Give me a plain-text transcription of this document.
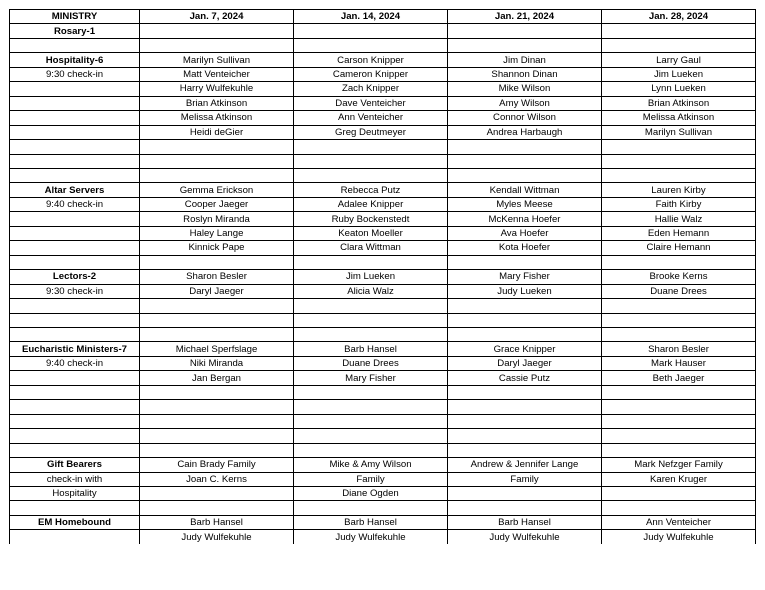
MINISTRY	Jan. 7, 2024	Jan. 14, 2024	Jan. 21, 2024	Jan. 28, 2024
Rosary-1				

Hospitality-6	Marilyn Sullivan	Carson Knipper	Jim Dinan	Larry Gaul
9:30 check-in	Matt Venteicher	Cameron Knipper	Shannon Dinan	Jim Lueken
	Harry Wulfekuhle	Zach Knipper	Mike Wilson	Lynn Lueken
	Brian Atkinson	Dave Venteicher	Amy Wilson	Brian Atkinson
	Melissa Atkinson	Ann Venteicher	Connor Wilson	Melissa Atkinson
	Heidi deGier	Greg Deutmeyer	Andrea Harbaugh	Marilyn Sullivan

Altar Servers	Gemma Erickson	Rebecca Putz	Kendall Wittman	Lauren Kirby
9:40 check-in	Cooper Jaeger	Adalee Knipper	Myles Meese	Faith Kirby
	Roslyn Miranda	Ruby Bockenstedt	McKenna Hoefer	Hallie Walz
	Haley Lange	Keaton Moeller	Ava Hoefer	Eden Hemann
	Kinnick Pape	Clara Wittman	Kota Hoefer	Claire Hemann

Lectors-2	Sharon Besler	Jim Lueken	Mary Fisher	Brooke Kerns
9:30 check-in	Daryl Jaeger	Alicia Walz	Judy Lueken	Duane Drees

Eucharistic Ministers-7	Michael Sperfslage	Barb Hansel	Grace Knipper	Sharon Besler
9:40 check-in	Niki Miranda	Duane Drees	Daryl Jaeger	Mark Hauser
	Jan Bergan	Mary Fisher	Cassie Putz	Beth Jaeger

Gift Bearers	Cain Brady Family	Mike & Amy Wilson	Andrew & Jennifer Lange	Mark Nefzger Family
check-in with	Joan C. Kerns	Family	Family	Karen Kruger
Hospitality		Diane Ogden		

EM Homebound	Barb Hansel	Barb Hansel	Barb Hansel	Ann Venteicher
	Judy Wulfekuhle	Judy Wulfekuhle	Judy Wulfekuhle	Judy Wulfekuhle
